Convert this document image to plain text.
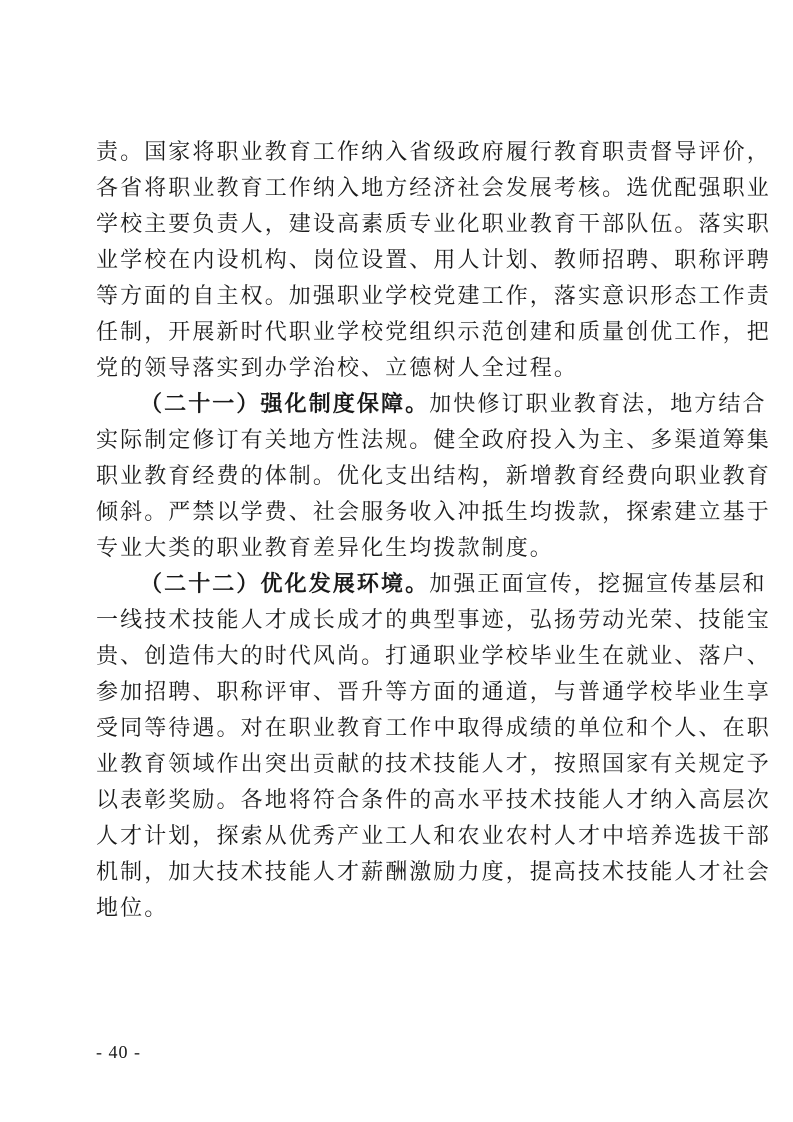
责。国家将职业教育工作纳入省级政府履行教育职责督导评价，
各省将职业教育工作纳入地方经济社会发展考核。选优配强职业
学校主要负责人，建设高素质专业化职业教育干部队伍。落实职
业学校在内设机构、岗位设置、用人计划、教师招聘、职称评聘
等方面的自主权。加强职业学校党建工作，落实意识形态工作责
任制，开展新时代职业学校党组织示范创建和质量创优工作，把
党的领导落实到办学治校、立德树人全过程。
（二十一）强化制度保障。加快修订职业教育法，地方结合
实际制定修订有关地方性法规。健全政府投入为主、多渠道筹集
职业教育经费的体制。优化支出结构，新增教育经费向职业教育
倾斜。严禁以学费、社会服务收入冲抵生均拨款，探索建立基于
专业大类的职业教育差异化生均拨款制度。
（二十二）优化发展环境。加强正面宣传，挖掘宣传基层和
一线技术技能人才成长成才的典型事迹，弘扬劳动光荣、技能宝
贵、创造伟大的时代风尚。打通职业学校毕业生在就业、落户、
参加招聘、职称评审、晋升等方面的通道，与普通学校毕业生享
受同等待遇。对在职业教育工作中取得成绩的单位和个人、在职
业教育领域作出突出贡献的技术技能人才，按照国家有关规定予
以表彰奖励。各地将符合条件的高水平技术技能人才纳入高层次
人才计划，探索从优秀产业工人和农业农村人才中培养选拔干部
机制，加大技术技能人才薪酬激励力度，提高技术技能人才社会
地位。
- 40 -
